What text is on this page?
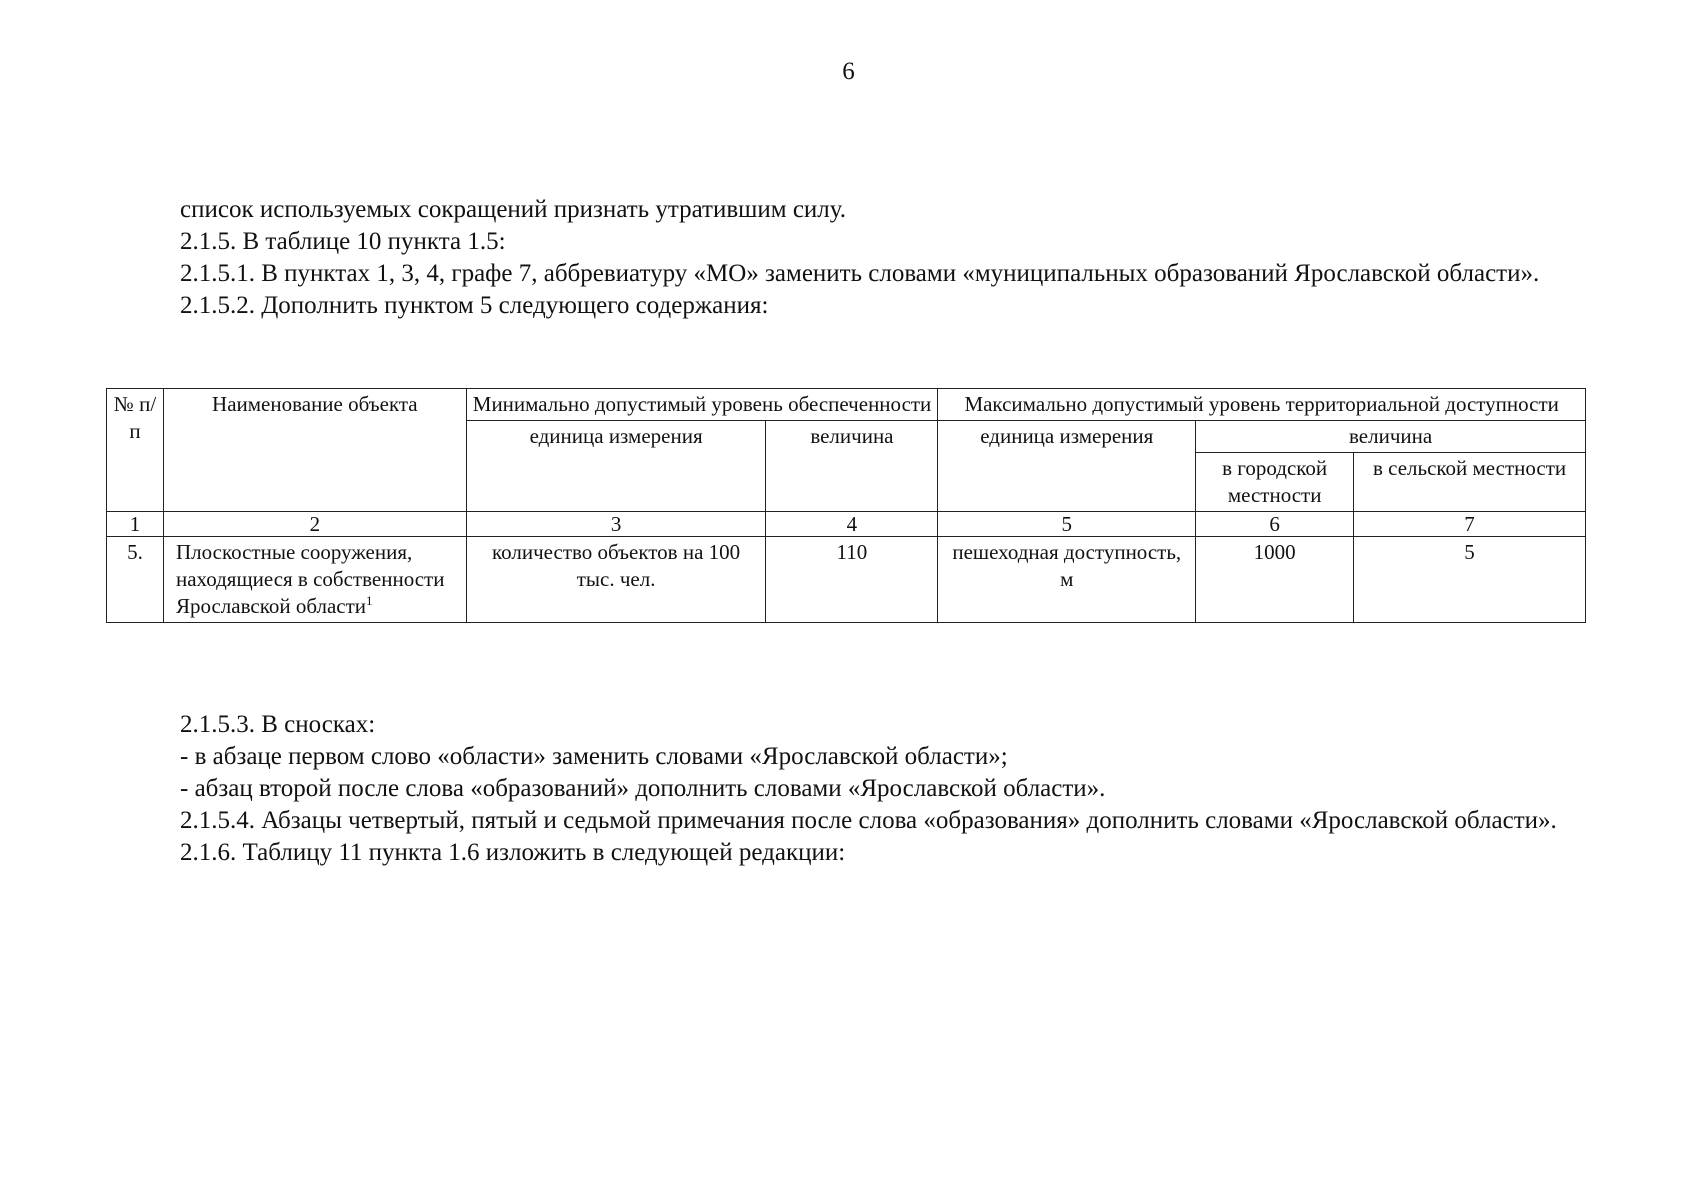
6

список используемых сокращений признать утратившим силу.

2.1.5. В таблице 10 пункта 1.5:

2.1.5.1. В пунктах 1, 3, 4, графе 7, аббревиатуру «МО» заменить словами «муниципальных образований Ярославской области».

2.1.5.2. Дополнить пунктом 5 следующего содержания:

№ п/п	Наименование объекта	Минимально допустимый уровень обеспеченности		Максимально допустимый уровень территориальной доступности		
		единица измерения	величина	единица измерения	величина	
					в городской местности	в сельской местности
1	2	3	4	5	6	7
5.	Плоскостные сооружения, находящиеся в собственности Ярославской области$^1$	количество объектов на 100 тыс. чел.	110	пешеходная доступность, м	1000	5

2.1.5.3. В сносках:

- в абзаце первом слово «области» заменить словами «Ярославской области»;

- абзац второй после слова «образований» дополнить словами «Ярославской области».

2.1.5.4. Абзацы четвертый, пятый и седьмой примечания после слова «образования» дополнить словами «Ярославской области».

2.1.6. Таблицу 11 пункта 1.6 изложить в следующей редакции:
